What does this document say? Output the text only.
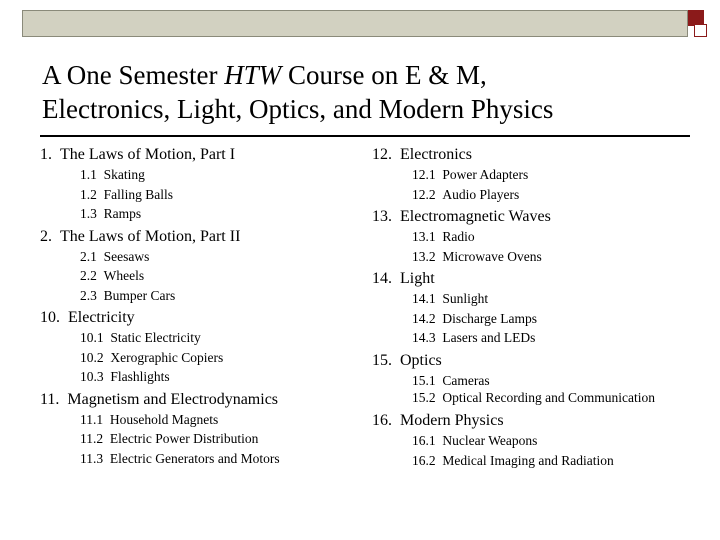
A One Semester HTW Course on E & M,
Electronics, Light, Optics, and Modern Physics
1.
The Laws of Motion, Part I
1.1
Skating
1.2
Falling Balls
1.3
Ramps
2.
The Laws of Motion, Part II
2.1
Seesaws
2.2
Wheels
2.3
Bumper Cars
10.
Electricity
10.1
Static Electricity
10.2
Xerographic Copiers
10.3
Flashlights
11.
Magnetism and Electrodynamics
11.1
Household Magnets
11.2
Electric Power Distribution
11.3
Electric Generators and Motors
12.
Electronics
12.1
Power Adapters
12.2
Audio Players
13.
Electromagnetic Waves
13.1
Radio
13.2
Microwave Ovens
14.
Light
14.1
Sunlight
14.2
Discharge Lamps
14.3
Lasers and LEDs
15.
Optics
15.1
Cameras
15.2
Optical Recording and Communication
16.
Modern Physics
16.1
Nuclear Weapons
16.2
Medical Imaging and Radiation
